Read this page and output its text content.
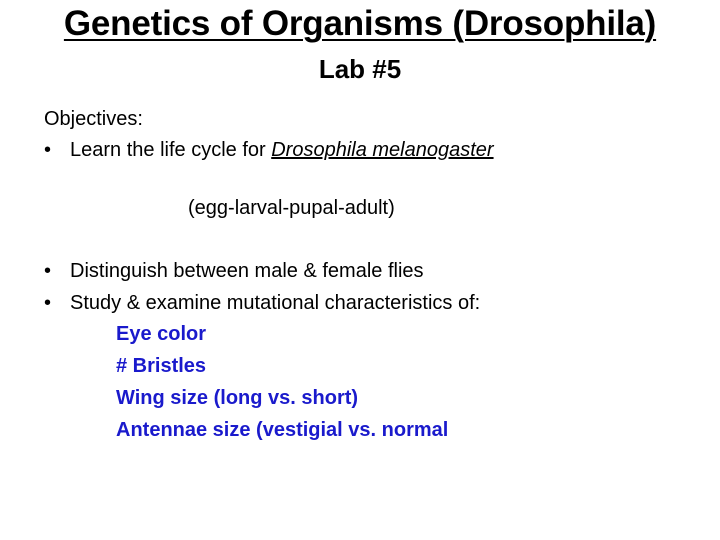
Genetics of Organisms (Drosophila)
Lab #5
Objectives:
• Learn the life cycle for Drosophila melanogaster
(egg-larval-pupal-adult)
• Distinguish between male & female flies
• Study & examine mutational characteristics of:
Eye color
# Bristles
Wing size (long vs. short)
Antennae size (vestigial vs. normal
